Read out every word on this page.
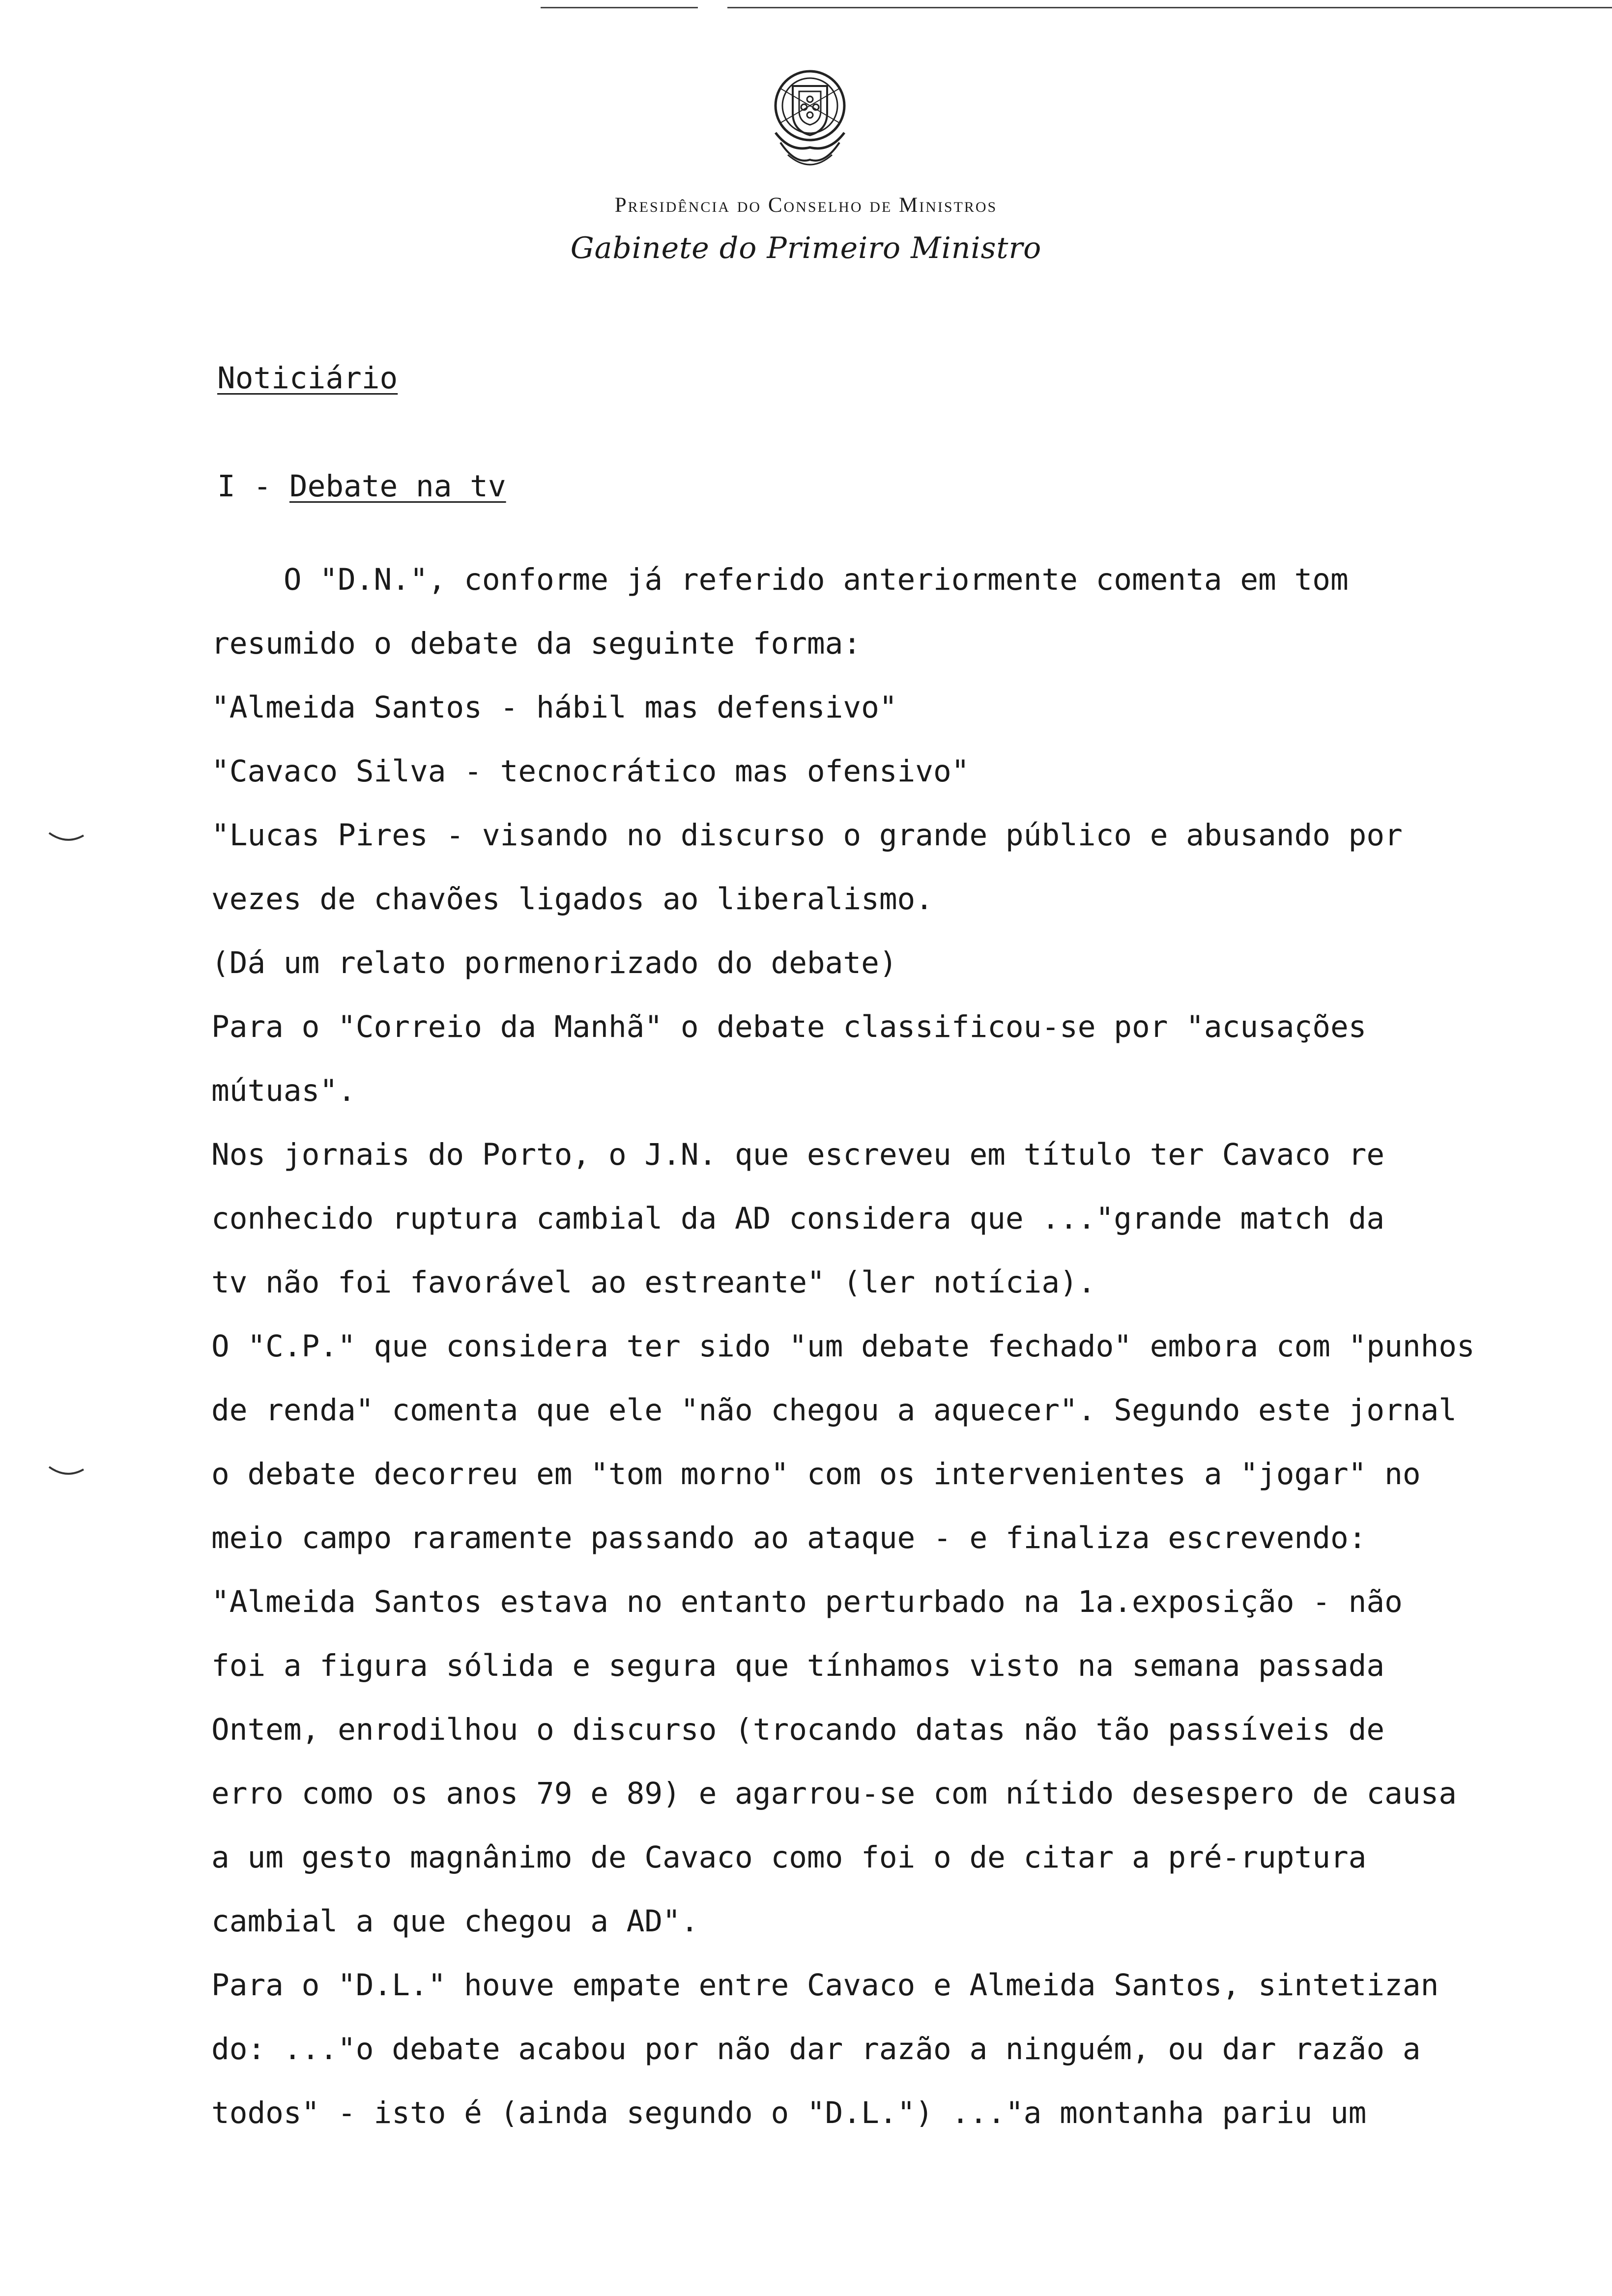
Presidência do Conselho de Ministros
Gabinete do Primeiro Ministro
Noticiário
I - Debate na tv
O "D.N.", conforme já referido anteriormente comenta em tom
resumido o debate da seguinte forma:
"Almeida Santos - hábil mas defensivo"
"Cavaco Silva - tecnocrático mas ofensivo"
"Lucas Pires - visando no discurso o grande público e abusando por
vezes de chavões ligados ao liberalismo.
(Dá um relato pormenorizado do debate)
Para o "Correio da Manhã" o debate classificou-se por "acusações
mútuas".
Nos jornais do Porto, o J.N. que escreveu em título ter Cavaco re
conhecido ruptura cambial da AD considera que ..."grande match da
tv não foi favorável ao estreante" (ler notícia).
O "C.P." que considera ter sido "um debate fechado" embora com "punhos
de renda" comenta que ele "não chegou a aquecer". Segundo este jornal
o debate decorreu em "tom morno" com os intervenientes a "jogar" no
meio campo raramente passando ao ataque - e finaliza escrevendo:
"Almeida Santos estava no entanto perturbado na 1a.exposição - não
foi a figura sólida e segura que tínhamos visto na semana passada
Ontem, enrodilhou o discurso (trocando datas não tão passíveis de
erro como os anos 79 e 89) e agarrou-se com nítido desespero de causa
a um gesto magnânimo de Cavaco como foi o de citar a pré-ruptura
cambial a que chegou a AD".
Para o "D.L." houve empate entre Cavaco e Almeida Santos, sintetizan
do: ..."o debate acabou por não dar razão a ninguém, ou dar razão a
todos" - isto é (ainda segundo o "D.L.") ..."a montanha pariu um
